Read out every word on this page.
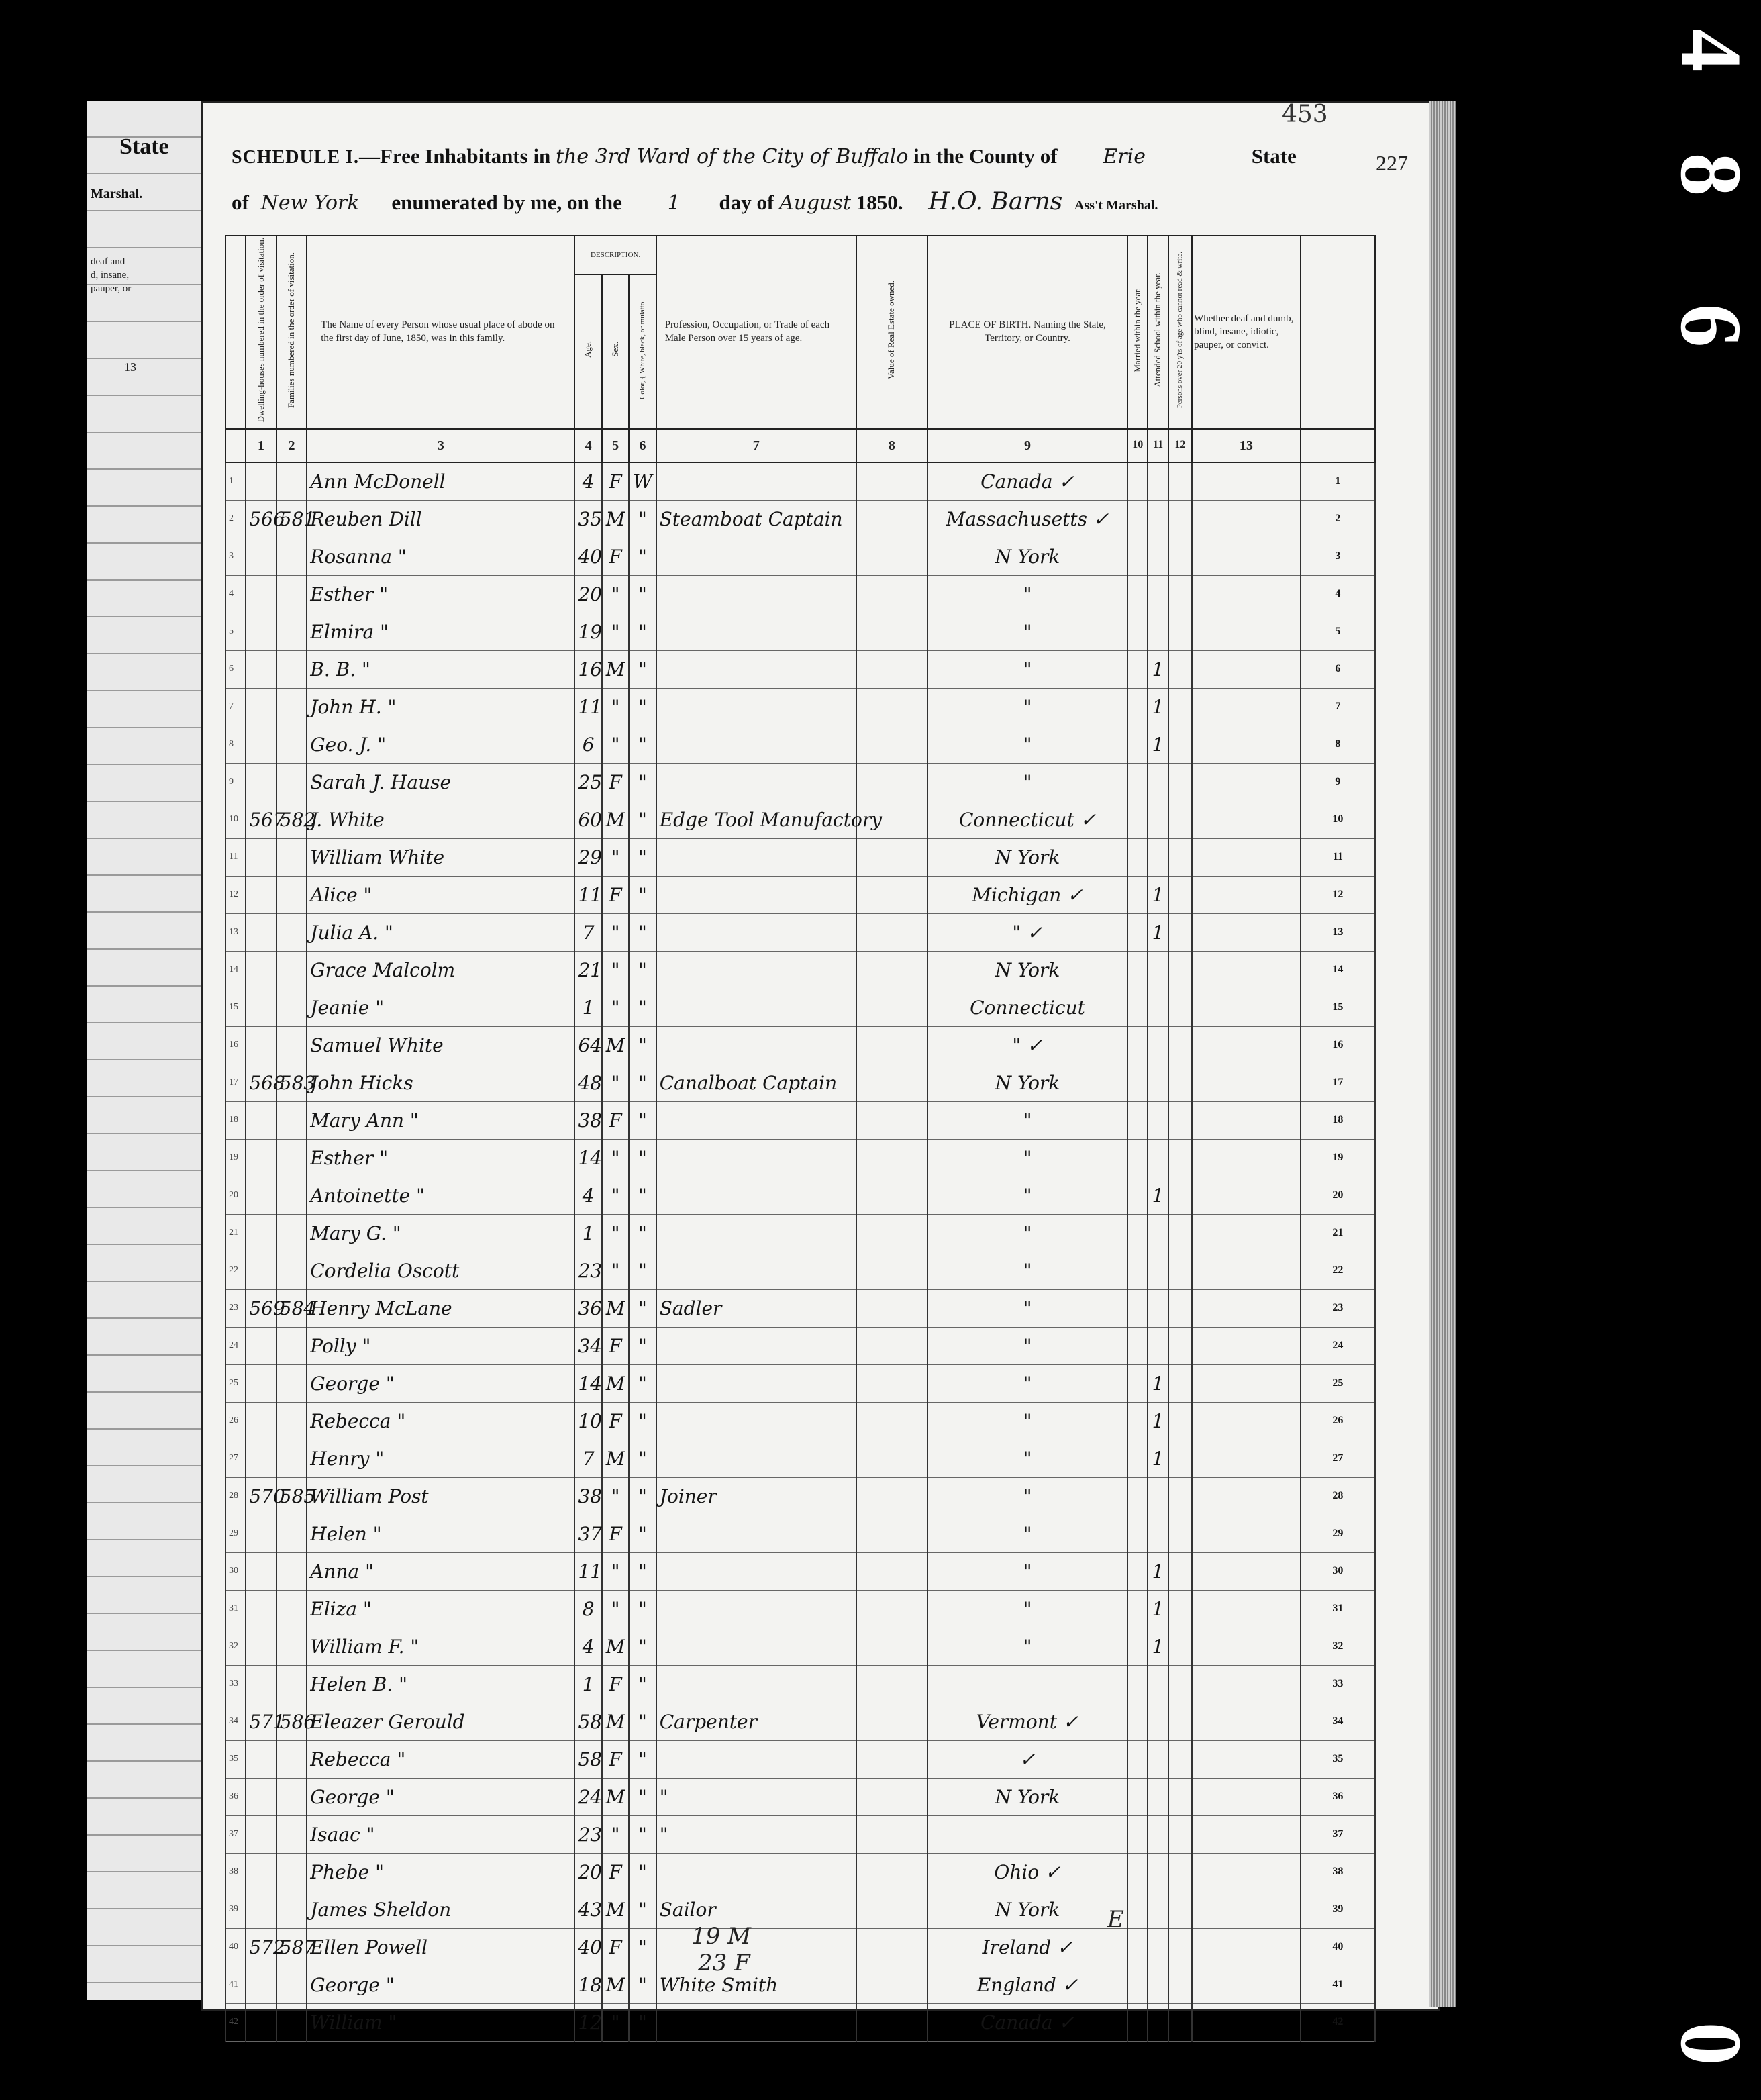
State
Marshal.
deaf and
d, insane,
pauper, or
13
453
227
SCHEDULE I.—Free Inhabitants in the 3rd Ward of the City of Buffalo in the County of Erie	State
of New York enumerated by me, on the 1 day of August 1850. H.O. Barns Ass't Marshal.
	Dwelling-houses numbered in the order of visitation.	Families numbered in the order of visitation.	The Name of every Person whose usual place of abode on the first day of June, 1850, was in this family.	DESCRIPTION.			Profession, Occupation, or Trade of each Male Person over 15 years of age.	Value of Real Estate owned.	PLACE OF BIRTH. Naming the State, Territory, or Country.	Married within the year.	Attended School within the year.	Persons over 20 y'rs of age who cannot read & write.	Whether deaf and dumb, blind, insane, idiotic, pauper, or convict.	
				Age.	Sex.	Color, { White, black, or mulatto.								
	1	2	3	4	5	6	7	8	9	10	11	12	13	
1			Ann McDonell	4	F	W			Canada ✓					1
2	566	581	Reuben Dill	35	M	"	Steamboat Captain		Massachusetts ✓					2
3			Rosanna "	40	F	"			N York					3
4			Esther "	20	"	"			"					4
5			Elmira "	19	"	"			"					5
6			B. B. "	16	M	"			"		1			6
7			John H. "	11	"	"			"		1			7
8			Geo. J. "	6	"	"			"		1			8
9			Sarah J. Hause	25	F	"			"					9
10	567	582	J. White	60	M	"	Edge Tool Manufactory		Connecticut ✓					10
11			William White	29	"	"			N York					11
12			Alice "	11	F	"			Michigan ✓		1			12
13			Julia A. "	7	"	"			" ✓		1			13
14			Grace Malcolm	21	"	"			N York					14
15			Jeanie "	1	"	"			Connecticut					15
16			Samuel White	64	M	"			" ✓					16
17	568	583	John Hicks	48	"	"	Canalboat Captain		N York					17
18			Mary Ann "	38	F	"			"					18
19			Esther "	14	"	"			"					19
20			Antoinette "	4	"	"			"		1			20
21			Mary G. "	1	"	"			"					21
22			Cordelia Oscott	23	"	"			"					22
23	569	584	Henry McLane	36	M	"	Sadler		"					23
24			Polly "	34	F	"			"					24
25			George "	14	M	"			"		1			25
26			Rebecca "	10	F	"			"		1			26
27			Henry "	7	M	"			"		1			27
28	570	585	William Post	38	"	"	Joiner		"					28
29			Helen "	37	F	"			"					29
30			Anna "	11	"	"			"		1			30
31			Eliza "	8	"	"			"		1			31
32			William F. "	4	M	"			"		1			32
33			Helen B. "	1	F	"								33
34	571	586	Eleazer Gerould	58	M	"	Carpenter		Vermont ✓					34
35			Rebecca "	58	F	"			✓					35
36			George "	24	M	"	"		N York					36
37			Isaac "	23	"	"	"							37
38			Phebe "	20	F	"			Ohio ✓					38
39			James Sheldon	43	M	"	Sailor		N York					39
40	572	587	Ellen Powell	40	F	"			Ireland ✓					40
41			George "	18	M	"	White Smith		England ✓					41
42			William "	12	"	"			Canada ✓					42
19 M
23 F
E
4
8
6
0
